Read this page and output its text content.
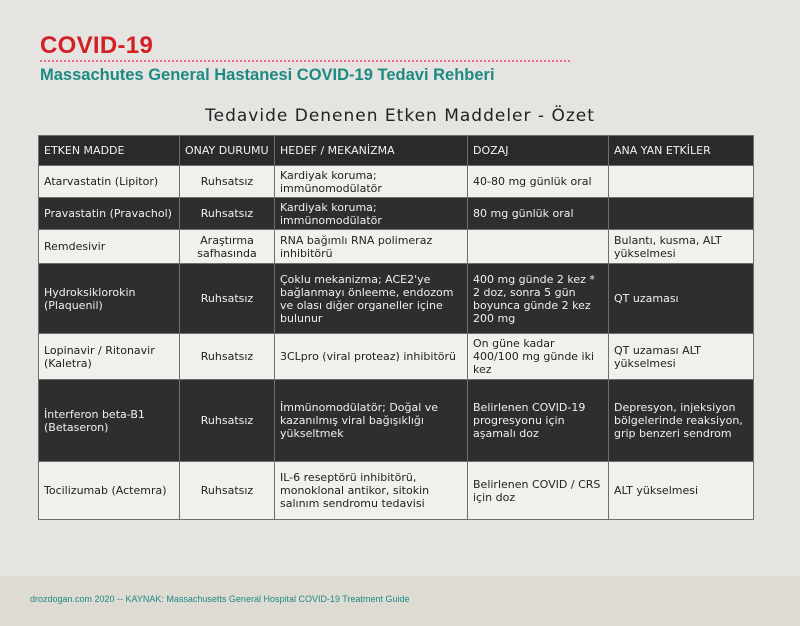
COVID-19
Massachutes General Hastanesi COVID-19 Tedavi Rehberi
Tedavide Denenen Etken Maddeler - Özet
ETKEN MADDE	ONAY DURUMU	HEDEF / MEKANİZMA	DOZAJ	ANA YAN ETKİLER
Atarvastatin (Lipitor)	Ruhsatsız	Kardiyak koruma; immünomodülatör	40-80 mg günlük oral	
Pravastatin (Pravachol)	Ruhsatsız	Kardiyak koruma; immünomodülatör	80 mg günlük oral	
Remdesivir	Araştırma safhasında	RNA bağımlı RNA polimeraz inhibitörü		Bulantı, kusma, ALT yükselmesi
Hydroksiklorokin (Plaquenil)	Ruhsatsız	Çoklu mekanizma; ACE2'ye bağlanmayı önleeme, endozom ve olası diğer organeller içine bulunur	400 mg günde 2 kez * 2 doz, sonra 5 gün boyunca günde 2 kez 200 mg	QT uzaması
Lopinavir / Ritonavir (Kaletra)	Ruhsatsız	3CLpro (viral proteaz) inhibitörü	On güne kadar 400/100 mg günde iki kez	QT uzaması ALT yükselmesi
İnterferon beta-B1 (Betaseron)	Ruhsatsız	İmmünomodülatör; Doğal ve kazanılmış viral bağışıklığı yükseltmek	Belirlenen COVID-19 progresyonu için aşamalı doz	Depresyon, injeksiyon bölgelerinde reaksiyon, grip benzeri sendrom
Tocilizumab (Actemra)	Ruhsatsız	IL-6 reseptörü inhibitörü, monoklonal antikor, sitokin salınım sendromu tedavisi	Belirlenen COVID / CRS için doz	ALT yükselmesi
drozdogan.com 2020 -- KAYNAK: Massachusetts General Hospital COVID-19 Treatment Guide
